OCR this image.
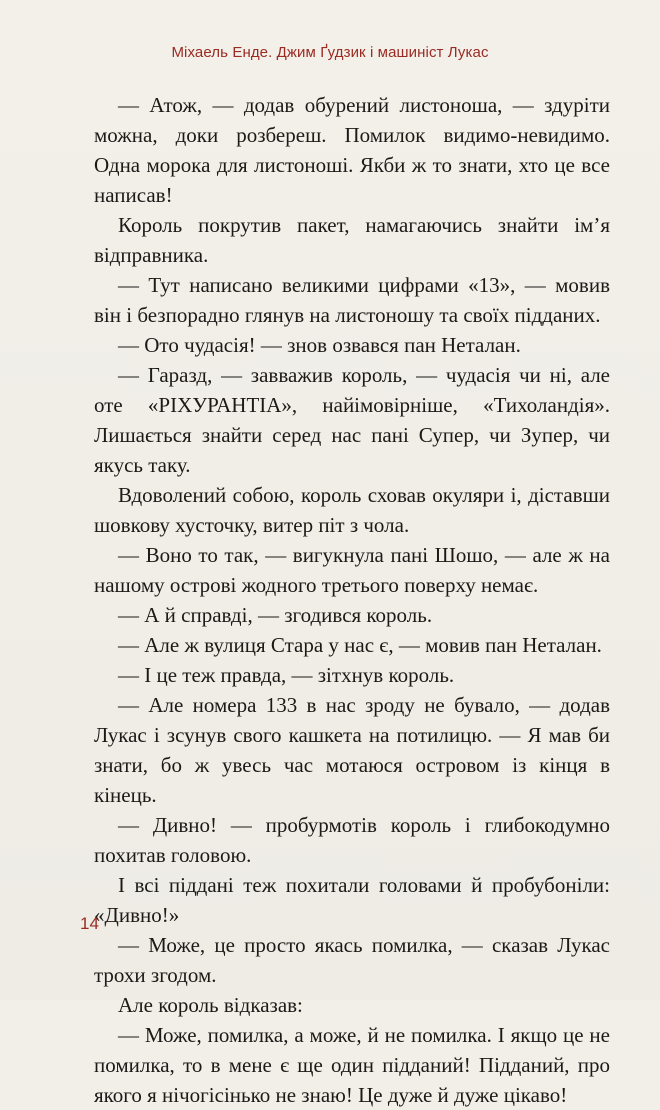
Міхаель Енде. Джим Ґудзик і машиніст Лукас

— Атож, — додав обурений листоноша, — здуріти можна, доки розбереш. Помилок видимо-невидимо. Одна морока для листоноші. Якби ж то знати, хто це все написав!

Король покрутив пакет, намагаючись знайти ім’я відправника.

— Тут написано великими цифрами «13», — мовив він і безпорадно глянув на листоношу та своїх підданих.

— Ото чудасія! — знов озвався пан Неталан.

— Гаразд, — завважив король, — чудасія чи ні, але оте «РІХУРАНТІА», найімовірніше, «Тихоландія». Лишається знайти серед нас пані Супер, чи Зупер, чи якусь таку.

Вдоволений собою, король сховав окуляри і, діставши шовкову хусточку, витер піт з чола.

— Воно то так, — вигукнула пані Шошо, — але ж на нашому острові жодного третього поверху немає.

— А й справді, — згодився король.

— Але ж вулиця Стара у нас є, — мовив пан Неталан.

— І це теж правда, — зітхнув король.

— Але номера 133 в нас зроду не бувало, — додав Лукас і зсунув свого кашкета на потилицю. — Я мав би знати, бо ж увесь час мотаюся островом із кінця в кінець.

— Дивно! — пробурмотів король і глибокодумно похитав головою.

І всі піддані теж похитали головами й пробубоніли: «Дивно!»

— Може, це просто якась помилка, — сказав Лукас трохи згодом.

Але король відказав:

— Може, помилка, а може, й не помилка. І якщо це не помилка, то в мене є ще один підданий! Підданий, про якого я нічогісінько не знаю! Це дуже й дуже цікаво!

14
